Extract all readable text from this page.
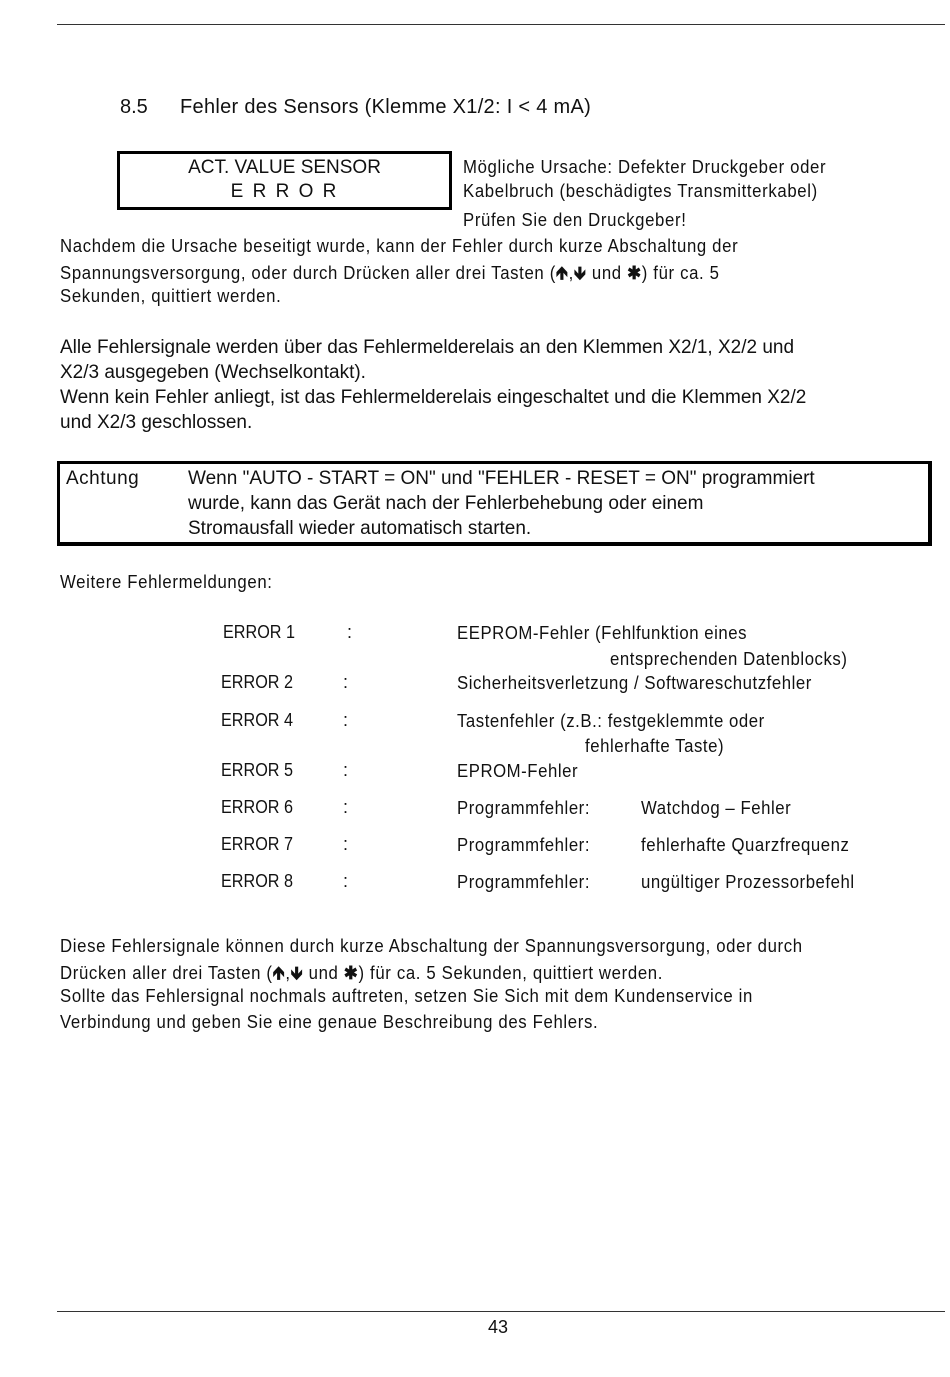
8.5 Fehler des Sensors (Klemme X1/2: I < 4 mA)
ACT. VALUE SENSOR
E R R O R
Mögliche Ursache: Defekter Druckgeber oder
Kabelbruch (beschädigtes Transmitterkabel)
Prüfen Sie den Druckgeber!
Nachdem die Ursache beseitigt wurde, kann der Fehler durch kurze Abschaltung der
Spannungsversorgung, oder durch Drücken aller drei Tasten (🡹,🡻 und ✱) für ca. 5
Sekunden, quittiert werden.
Alle Fehlersignale werden über das Fehlermelderelais an den Klemmen X2/1, X2/2 und
X2/3 ausgegeben (Wechselkontakt).
Wenn kein Fehler anliegt, ist das Fehlermelderelais eingeschaltet und die Klemmen X2/2
und X2/3 geschlossen.
Achtung	Wenn "AUTO - START = ON" und "FEHLER - RESET = ON" programmiert
wurde, kann das Gerät nach der Fehlerbehebung oder einem
Stromausfall wieder automatisch starten.
Weitere Fehlermeldungen:
ERROR 1	:	EEPROM-Fehler (Fehlfunktion eines
entsprechenden Datenblocks)
ERROR 2	:	Sicherheitsverletzung / Softwareschutzfehler
ERROR 4	:	Tastenfehler (z.B.: festgeklemmte oder
fehlerhafte Taste)
ERROR 5	:	EPROM-Fehler
ERROR 6	:	Programmfehler:	Watchdog – Fehler
ERROR 7	:	Programmfehler:	fehlerhafte Quarzfrequenz
ERROR 8	:	Programmfehler:	ungültiger Prozessorbefehl
Diese Fehlersignale können durch kurze Abschaltung der Spannungsversorgung, oder durch
Drücken aller drei Tasten (🡹,🡻 und ✱) für ca. 5 Sekunden, quittiert werden.
Sollte das Fehlersignal nochmals auftreten, setzen Sie Sich mit dem Kundenservice in
Verbindung und geben Sie eine genaue Beschreibung des Fehlers.
43
